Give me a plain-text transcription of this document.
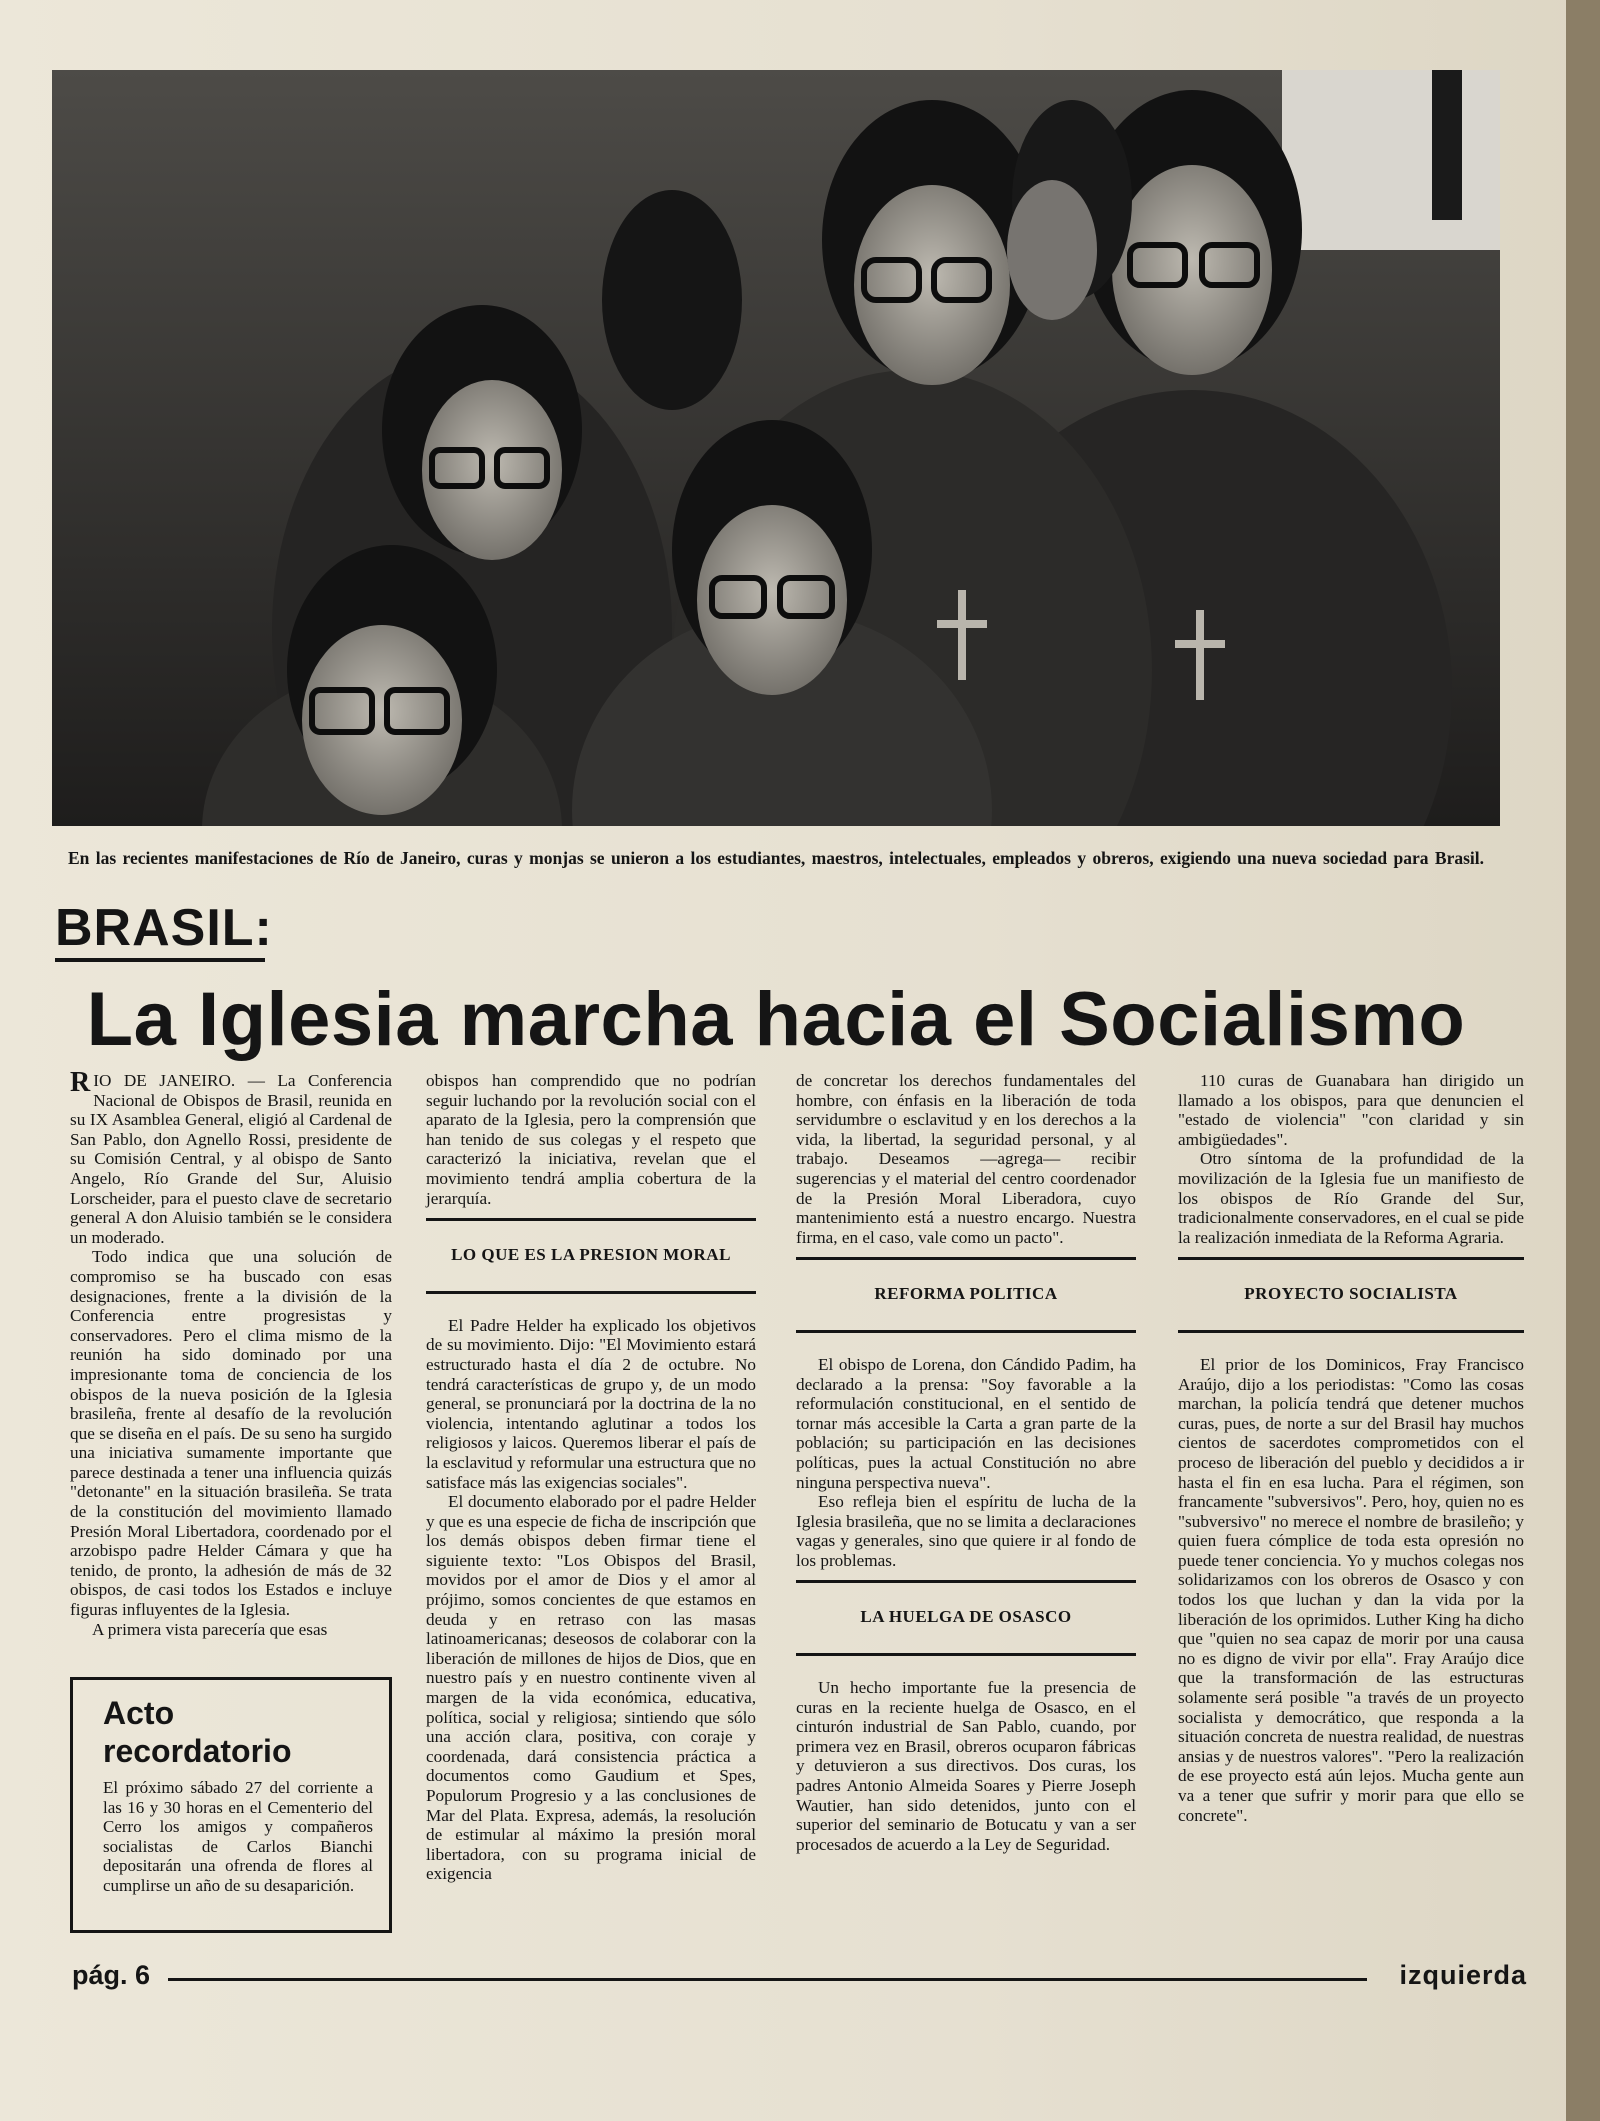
En las recientes manifestaciones de Río de Janeiro, curas y monjas se unieron a los estudiantes, maestros, intelectuales, empleados y obreros, exigiendo una nueva sociedad para Brasil.
BRASIL:
La Iglesia marcha hacia el Socialismo

RIO DE JANEIRO. — La Conferencia Nacional de Obispos de Brasil, reunida en su IX Asamblea General, eligió al Cardenal de San Pablo, don Agnello Rossi, presidente de su Comisión Central, y al obispo de Santo Angelo, Río Grande del Sur, Aluisio Lorscheider, para el puesto clave de secretario general A don Aluisio también se le considera un moderado.

Todo indica que una solución de compromiso se ha buscado con esas designaciones, frente a la división de la Conferencia entre progresistas y conservadores. Pero el clima mismo de la reunión ha sido dominado por una impresionante toma de conciencia de los obispos de la nueva posición de la Iglesia brasileña, frente al desafío de la revolución que se diseña en el país. De su seno ha surgido una iniciativa sumamente importante que parece destinada a tener una influencia quizás "detonante" en la situación brasileña. Se trata de la constitución del movimiento llamado Presión Moral Libertadora, coordenado por el arzobispo padre Helder Cámara y que ha tenido, de pronto, la adhesión de más de 32 obispos, de casi todos los Estados e incluye figuras influyentes de la Iglesia.

A primera vista parecería que esas

Acto
recordatorio
El próximo sábado 27 del corriente a las 16 y 30 horas en el Cementerio del Cerro los amigos y compañeros socialistas de Carlos Bianchi depositarán una ofrenda de flores al cumplirse un año de su desaparición.

obispos han comprendido que no podrían seguir luchando por la revolución social con el aparato de la Iglesia, pero la comprensión que han tenido de sus colegas y el respeto que caracterizó la iniciativa, revelan que el movimiento tendrá amplia cobertura de la jerarquía.

LO QUE ES LA PRESION MORAL

El Padre Helder ha explicado los objetivos de su movimiento. Dijo: "El Movimiento estará estructurado hasta el día 2 de octubre. No tendrá características de grupo y, de un modo general, se pronunciará por la doctrina de la no violencia, intentando aglutinar a todos los religiosos y laicos. Queremos liberar el país de la esclavitud y reformular una estructura que no satisface más las exigencias sociales".

El documento elaborado por el padre Helder y que es una especie de ficha de inscripción que los demás obispos deben firmar tiene el siguiente texto: "Los Obispos del Brasil, movidos por el amor de Dios y el amor al prójimo, somos concientes de que estamos en deuda y en retraso con las masas latinoamericanas; deseosos de colaborar con la liberación de millones de hijos de Dios, que en nuestro país y en nuestro continente viven al margen de la vida económica, educativa, política, social y religiosa; sintiendo que sólo una acción clara, positiva, con coraje y coordenada, dará consistencia práctica a documentos como Gaudium et Spes, Populorum Progresio y a las conclusiones de Mar del Plata. Expresa, además, la resolución de estimular al máximo la presión moral libertadora, con su programa inicial de exigencia

de concretar los derechos fundamentales del hombre, con énfasis en la liberación de toda servidumbre o esclavitud y en los derechos a la vida, la libertad, la seguridad personal, y al trabajo. Deseamos —agrega— recibir sugerencias y el material del centro coordenador de la Presión Moral Liberadora, cuyo mantenimiento está a nuestro encargo. Nuestra firma, en el caso, vale como un pacto".

REFORMA POLITICA

El obispo de Lorena, don Cándido Padim, ha declarado a la prensa: "Soy favorable a la reformulación constitucional, en el sentido de tornar más accesible la Carta a gran parte de la población; su participación en las decisiones políticas, pues la actual Constitución no abre ninguna perspectiva nueva".

Eso refleja bien el espíritu de lucha de la Iglesia brasileña, que no se limita a declaraciones vagas y generales, sino que quiere ir al fondo de los problemas.

LA HUELGA DE OSASCO

Un hecho importante fue la presencia de curas en la reciente huelga de Osasco, en el cinturón industrial de San Pablo, cuando, por primera vez en Brasil, obreros ocuparon fábricas y detuvieron a sus directivos. Dos curas, los padres Antonio Almeida Soares y Pierre Joseph Wautier, han sido detenidos, junto con el superior del seminario de Botucatu y van a ser procesados de acuerdo a la Ley de Seguridad.

110 curas de Guanabara han dirigido un llamado a los obispos, para que denuncien el "estado de violencia" "con claridad y sin ambigüedades".

Otro síntoma de la profundidad de la movilización de la Iglesia fue un manifiesto de los obispos de Río Grande del Sur, tradicionalmente conservadores, en el cual se pide la realización inmediata de la Reforma Agraria.

PROYECTO SOCIALISTA

El prior de los Dominicos, Fray Francisco Araújo, dijo a los periodistas: "Como las cosas marchan, la policía tendrá que detener muchos curas, pues, de norte a sur del Brasil hay muchos cientos de sacerdotes comprometidos con el proceso de liberación del pueblo y decididos a ir hasta el fin en esa lucha. Para el régimen, son francamente "subversivos". Pero, hoy, quien no es "subversivo" no merece el nombre de brasileño; y quien fuera cómplice de toda esta opresión no puede tener conciencia. Yo y muchos colegas nos solidarizamos con los obreros de Osasco y con todos los que luchan y dan la vida por la liberación de los oprimidos. Luther King ha dicho que "quien no sea capaz de morir por una causa no es digno de vivir por ella". Fray Araújo dice que la transformación de las estructuras solamente será posible "a través de un proyecto socialista y democrático, que responda a la situación concreta de nuestra realidad, de nuestras ansias y de nuestros valores". "Pero la realización de ese proyecto está aún lejos. Mucha gente aun va a tener que sufrir y morir para que ello se concrete".

pág. 6	izquierda
